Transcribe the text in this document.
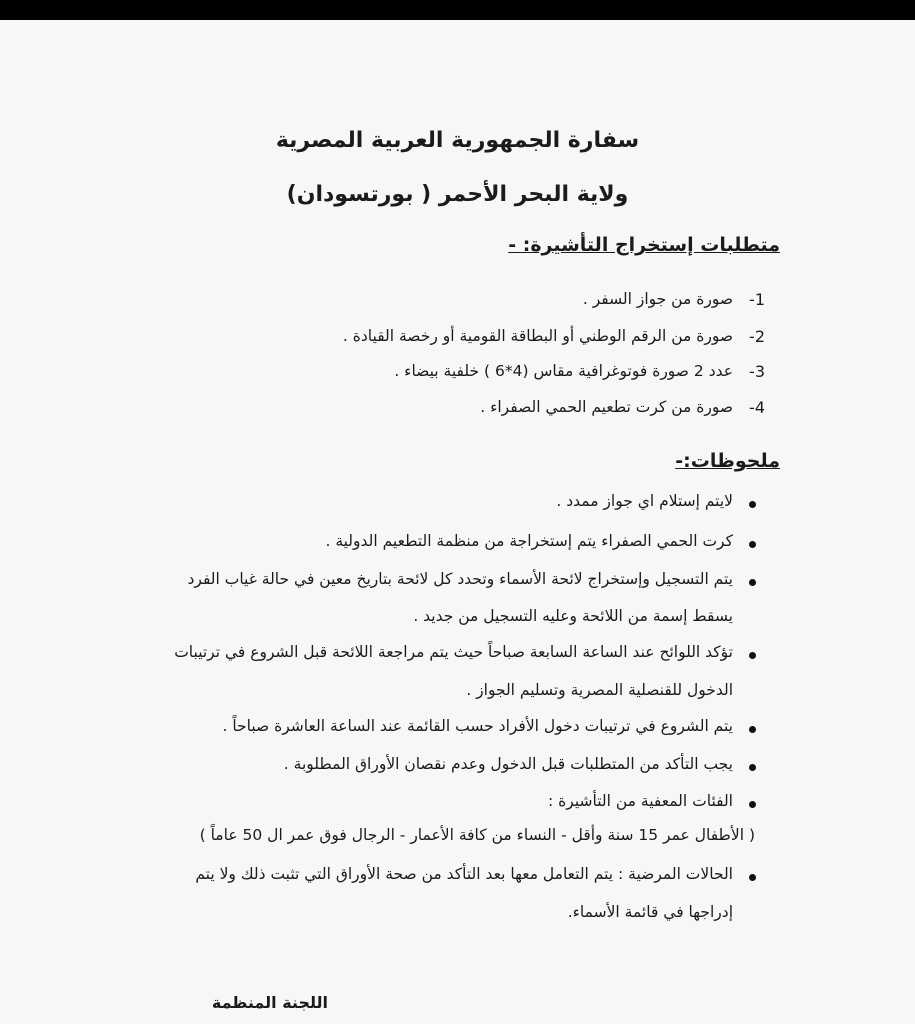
سفارة الجمهورية العربية المصرية
ولاية البحر الأحمر ( بورتسودان)
متطلبات إستخراج التأشيرة: -
-1
صورة من جواز السفر .
-2
صورة من الرقم الوطني أو البطاقة القومية أو رخصة القيادة .
-3
عدد 2 صورة فوتوغرافية مقاس (4*6 ) خلفية بيضاء .
-4
صورة من كرت تطعيم الحمي الصفراء .
ملحوظات:-
لايتم إستلام اي جواز ممدد .
كرت الحمي الصفراء يتم إستخراجة من منظمة التطعيم الدولية .
يتم التسجيل وإستخراج لائحة الأسماء وتحدد كل لائحة بتاريخ معين في حالة غياب الفرد
يسقط إسمة من اللائحة وعليه التسجيل من جديد .
تؤكد اللوائح عند الساعة السابعة صباحاً حيث يتم مراجعة اللائحة قبل الشروع في ترتيبات
الدخول للقنصلية المصرية وتسليم الجواز .
يتم الشروع في ترتيبات دخول الأفراد حسب القائمة عند الساعة العاشرة صباحاً .
يجب التأكد من المتطلبات قبل الدخول وعدم نقصان الأوراق المطلوبة .
الفئات المعفية من التأشيرة :
( الأطفال عمر 15 سنة وأقل - النساء من كافة الأعمار - الرجال فوق عمر ال 50 عاماً )
الحالات المرضية : يتم التعامل معها بعد التأكد من صحة الأوراق التي تثبت ذلك ولا يتم
إدراجها في قائمة الأسماء.
اللجنة المنظمة
